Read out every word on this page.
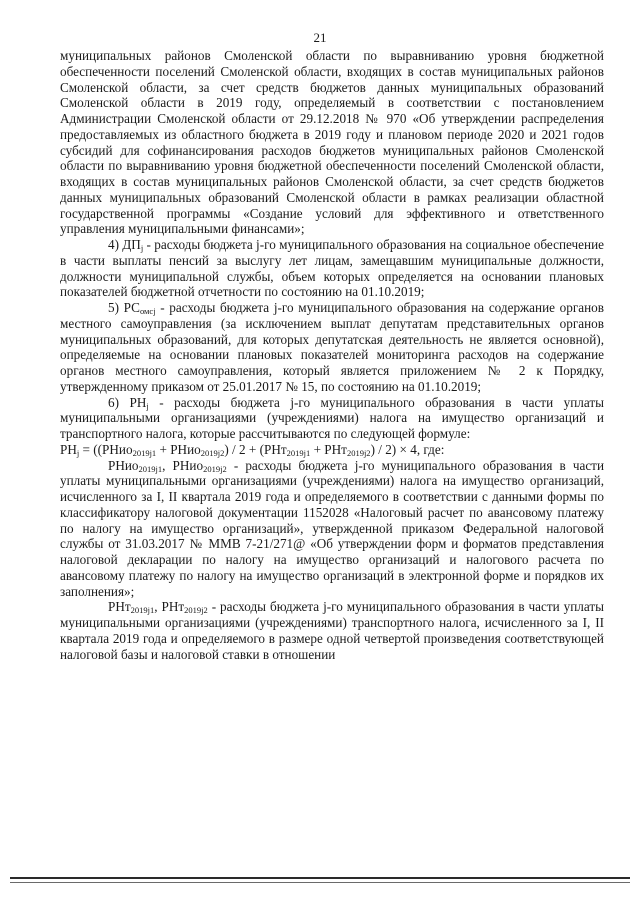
21

муниципальных районов Смоленской области по выравниванию уровня бюджетной обеспеченности поселений Смоленской области, входящих в состав муниципальных районов Смоленской области, за счет средств бюджетов данных муниципальных образований Смоленской области в 2019 году, определяемый в соответствии с постановлением Администрации Смоленской области от 29.12.2018 № 970 «Об утверждении распределения предоставляемых из областного бюджета в 2019 году и плановом периоде 2020 и 2021 годов субсидий для софинансирования расходов бюджетов муниципальных районов Смоленской области по выравниванию уровня бюджетной обеспеченности поселений Смоленской области, входящих в состав муниципальных районов Смоленской области, за счет средств бюджетов данных муниципальных образований Смоленской области в рамках реализации областной государственной программы «Создание условий для эффективного и ответственного управления муниципальными финансами»;

4) $ДП_j$ - расходы бюджета j-го муниципального образования на социальное обеспечение в части выплаты пенсий за выслугу лет лицам, замещавшим муниципальные должности, должности муниципальной службы, объем которых определяется на основании плановых показателей бюджетной отчетности по состоянию на 01.10.2019;

5) $РС_{омсj}$ - расходы бюджета j-го муниципального образования на содержание органов местного самоуправления (за исключением выплат депутатам представительных органов муниципальных образований, для которых депутатская деятельность не является основной), определяемые на основании плановых показателей мониторинга расходов на содержание органов местного самоуправления, который является приложением № 2 к Порядку, утвержденному приказом от 25.01.2017 № 15, по состоянию на 01.10.2019;

6) $РН_j$ - расходы бюджета j-го муниципального образования в части уплаты муниципальными организациями (учреждениями) налога на имущество организаций и транспортного налога, которые рассчитываются по следующей формуле:

$РН_j$ = ((РНио$_{2019j1}$ + РНио$_{2019j2}$) / 2 + (РНт$_{2019j1}$ + РНт$_{2019j2}$) / 2) × 4, где:

РНио$_{2019j1}$, РНио$_{2019j2}$ - расходы бюджета j-го муниципального образования в части уплаты муниципальными организациями (учреждениями) налога на имущество организаций, исчисленного за I, II квартала 2019 года и определяемого в соответствии с данными формы по классификатору налоговой документации 1152028 «Налоговый расчет по авансовому платежу по налогу на имущество организаций», утвержденной приказом Федеральной налоговой службы от 31.03.2017 № ММВ 7-21/271@ «Об утверждении форм и форматов представления налоговой декларации по налогу на имущество организаций и налогового расчета по авансовому платежу по налогу на имущество организаций в электронной форме и порядков их заполнения»;

РНт$_{2019j1}$, РНт$_{2019j2}$ - расходы бюджета j-го муниципального образования в части уплаты муниципальными организациями (учреждениями) транспортного налога, исчисленного за I, II квартала 2019 года и определяемого в размере одной четвертой произведения соответствующей налоговой базы и налоговой ставки в отношении
